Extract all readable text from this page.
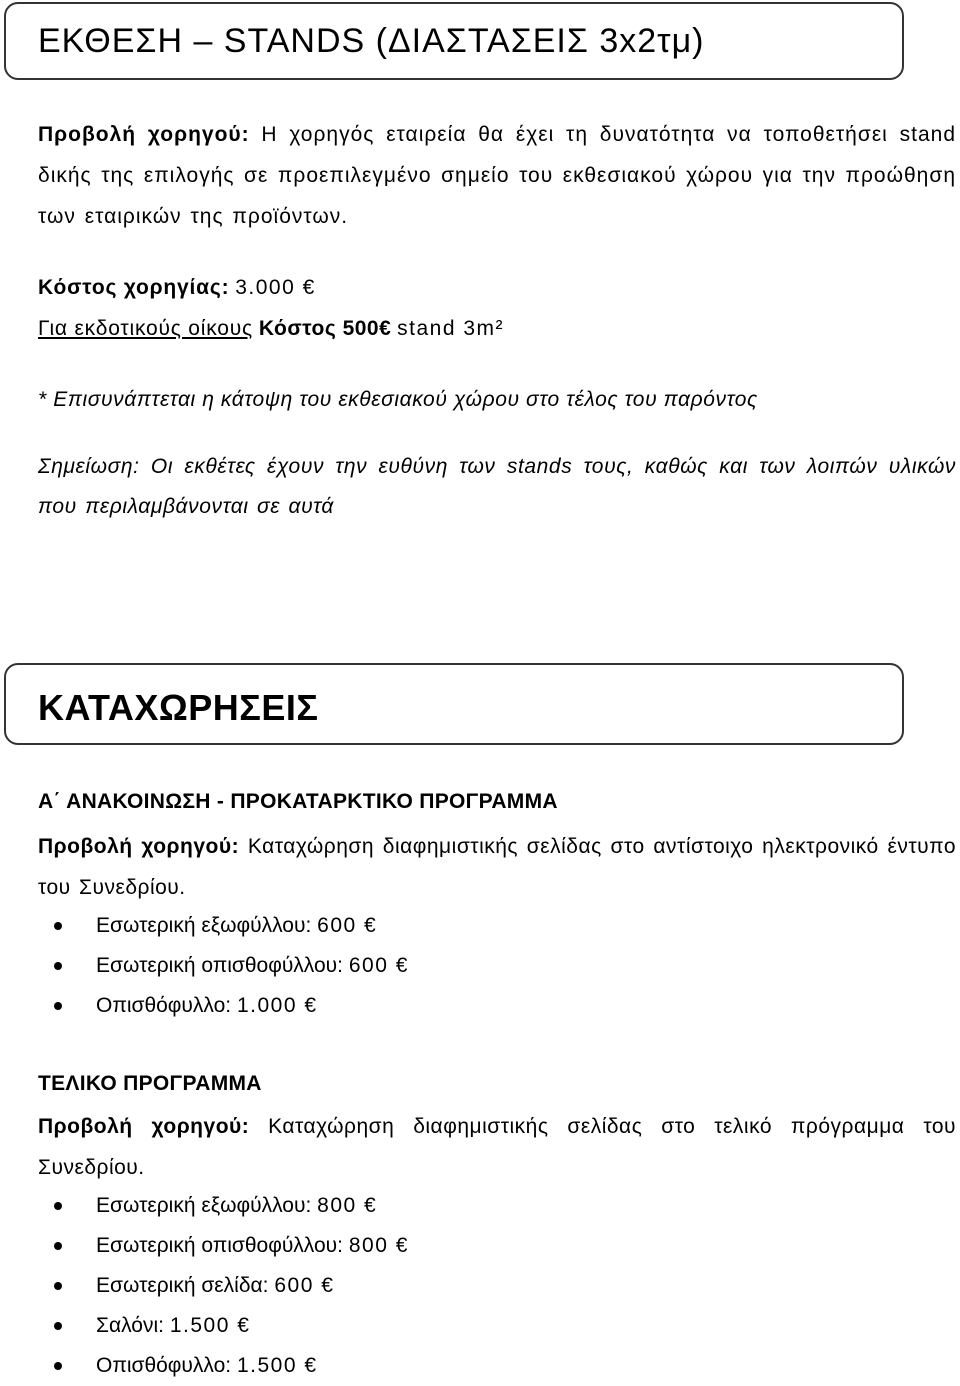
ΕΚΘΕΣΗ – STANDS (ΔΙΑΣΤΑΣΕΙΣ 3x2τμ)

Προβολή χορηγού: Η χορηγός εταιρεία θα έχει τη δυνατότητα να τοποθετήσει stand δικής της επιλογής σε προεπιλεγμένο σημείο του εκθεσιακού χώρου για την προώθηση των εταιρικών της προϊόντων.

Κόστος χορηγίας: 3.000 €
Για εκδοτικούς οίκους Κόστος 500€ stand 3m²
* Επισυνάπτεται η κάτοψη του εκθεσιακού χώρου στο τέλος του παρόντος

Σημείωση: Οι εκθέτες έχουν την ευθύνη των stands τους, καθώς και των λοιπών υλικών που περιλαμβάνονται σε αυτά

ΚΑΤΑΧΩΡΗΣΕΙΣ
Α΄ ΑΝΑΚΟΙΝΩΣΗ - ΠΡΟΚΑΤΑΡΚΤΙΚΟ ΠΡΟΓΡΑΜΜΑ

Προβολή χορηγού: Καταχώρηση διαφημιστικής σελίδας στο αντίστοιχο ηλεκτρονικό έντυπο του Συνεδρίου.

Εσωτερική εξωφύλλου: 600 €
Εσωτερική οπισθοφύλλου: 600 €
Οπισθόφυλλο: 1.000 €
ΤΕΛΙΚΟ ΠΡΟΓΡΑΜΜΑ

Προβολή χορηγού: Καταχώρηση διαφημιστικής σελίδας στο τελικό πρόγραμμα του Συνεδρίου.

Εσωτερική εξωφύλλου: 800 €
Εσωτερική οπισθοφύλλου: 800 €
Εσωτερική σελίδα: 600 €
Σαλόνι: 1.500 €
Οπισθόφυλλο: 1.500 €
